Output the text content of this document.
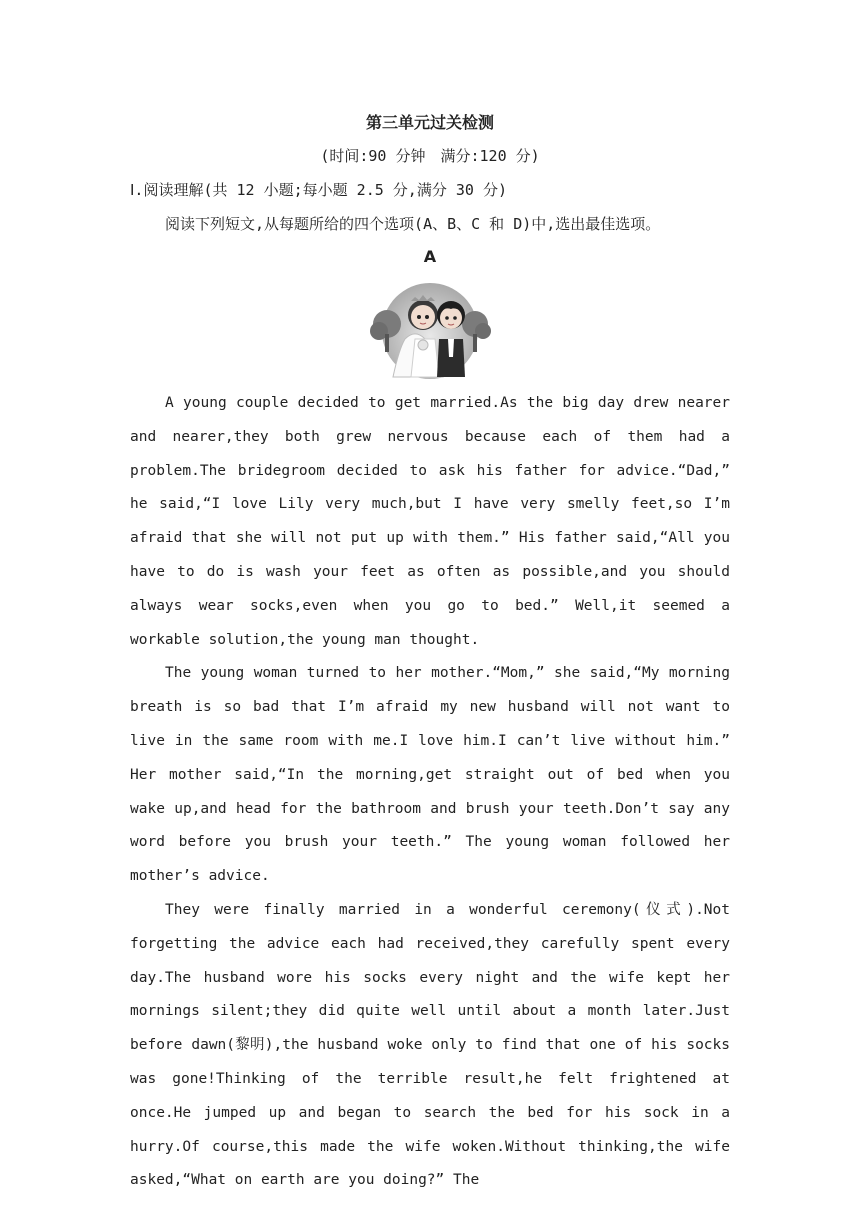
第三单元过关检测
(时间:90 分钟　满分:120 分)
Ⅰ.阅读理解(共 12 小题;每小题 2.5 分,满分 30 分)
阅读下列短文,从每题所给的四个选项(A、B、C 和 D)中,选出最佳选项。
A

A young couple decided to get married.As the big day drew nearer and nearer,they both grew nervous because each of them had a problem.The bridegroom decided to ask his father for advice.“Dad,” he said,“I love Lily very much,but I have very smelly feet,so I’m afraid that she will not put up with them.” His father said,“All you have to do is wash your feet as often as possible,and you should always wear socks,even when you go to bed.” Well,it seemed a workable solution,the young man thought.

The young woman turned to her mother.“Mom,” she said,“My morning breath is so bad that I’m afraid my new husband will not want to live in the same room with me.I love him.I can’t live without him.” Her mother said,“In the morning,get straight out of bed when you wake up,and head for the bathroom and brush your teeth.Don’t say any word before you brush your teeth.” The young woman followed her mother’s advice.

They were finally married in a wonderful ceremony(仪式).Not forgetting the advice each had received,they carefully spent every day.The husband wore his socks every night and the wife kept her mornings silent;they did quite well until about a month later.Just before dawn(黎明),the husband woke only to find that one of his socks was gone!Thinking of the terrible result,he felt frightened at once.He jumped up and began to search the bed for his sock in a hurry.Of course,this made the wife woken.Without thinking,the wife asked,“What on earth are you doing?” The
